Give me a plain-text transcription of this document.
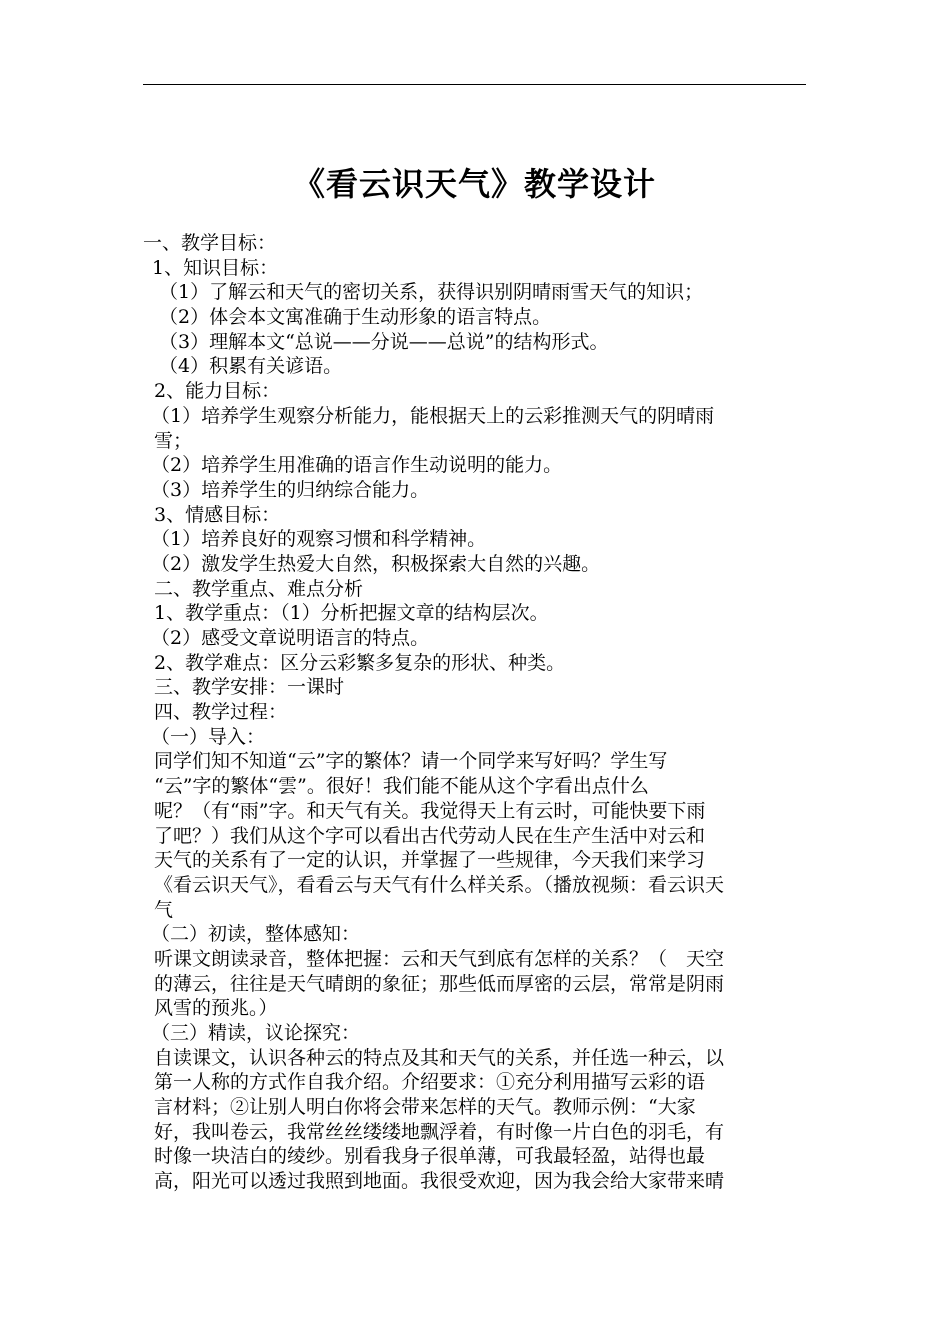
《看云识天气》教学设计
一、教学目标：
1、知识目标：
（1）了解云和天气的密切关系，获得识别阴晴雨雪天气的知识；
（2）体会本文寓准确于生动形象的语言特点。
（3）理解本文“总说——分说——总说”的结构形式。
（4）积累有关谚语。
2、能力目标：
（1）培养学生观察分析能力，能根据天上的云彩推测天气的阴晴雨
雪；
（2）培养学生用准确的语言作生动说明的能力。
（3）培养学生的归纳综合能力。
3、情感目标：
（1）培养良好的观察习惯和科学精神。
（2）激发学生热爱大自然，积极探索大自然的兴趣。
二、教学重点、难点分析
1、教学重点：（1）分析把握文章的结构层次。
（2）感受文章说明语言的特点。
2、教学难点：区分云彩繁多复杂的形状、种类。
三、教学安排：一课时
四、教学过程：
（一）导入：
同学们知不知道“云”字的繁体？请一个同学来写好吗？学生写
“云”字的繁体“雲”。很好！我们能不能从这个字看出点什么
呢？（有“雨”字。和天气有关。我觉得天上有云时，可能快要下雨
了吧？）我们从这个字可以看出古代劳动人民在生产生活中对云和
天气的关系有了一定的认识，并掌握了一些规律，今天我们来学习
《看云识天气》，看看云与天气有什么样关系。（播放视频：看云识天
气
（二）初读，整体感知：
听课文朗读录音，整体把握：云和天气到底有怎样的关系？（　天空
的薄云，往往是天气晴朗的象征；那些低而厚密的云层，常常是阴雨
风雪的预兆。）
（三）精读，议论探究：
自读课文，认识各种云的特点及其和天气的关系，并任选一种云，以
第一人称的方式作自我介绍。介绍要求：①充分利用描写云彩的语
言材料；②让别人明白你将会带来怎样的天气。教师示例：“大家
好，我叫卷云，我常丝丝缕缕地飘浮着，有时像一片白色的羽毛，有
时像一块洁白的绫纱。别看我身子很单薄，可我最轻盈，站得也最
高，阳光可以透过我照到地面。我很受欢迎，因为我会给大家带来晴
